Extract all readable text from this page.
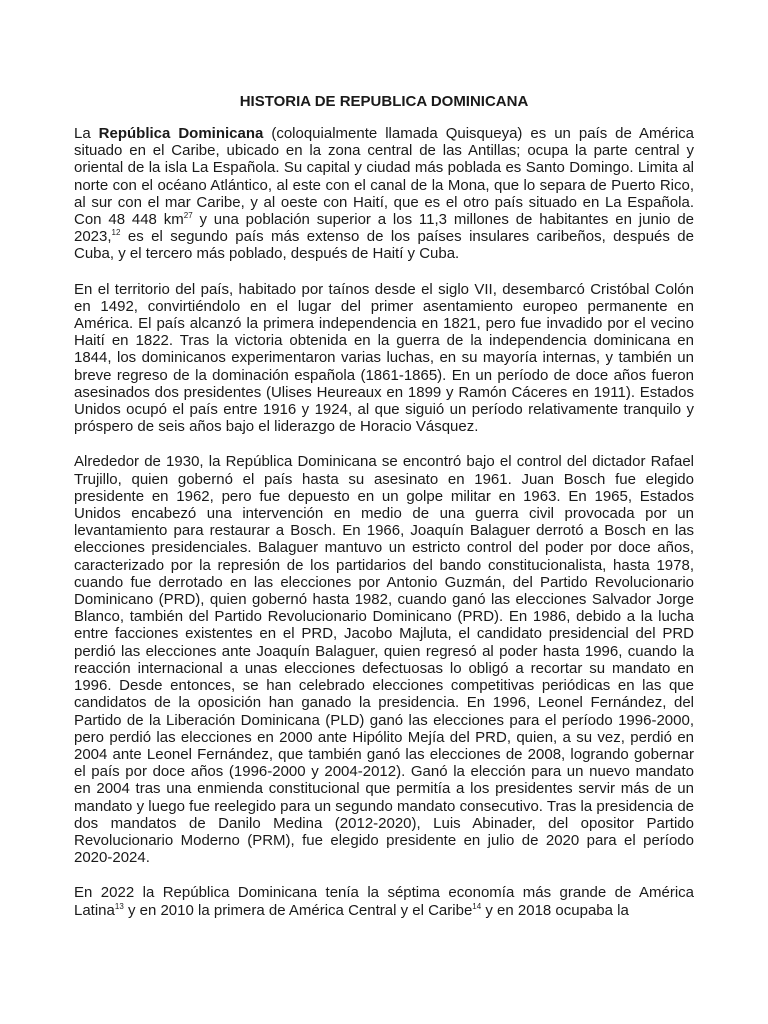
HISTORIA DE REPUBLICA DOMINICANA

La República Dominicana (coloquialmente llamada Quisqueya) es un país de América situado en el Caribe, ubicado en la zona central de las Antillas; ocupa la parte central y oriental de la isla La Española. Su capital y ciudad más poblada es Santo Domingo. Limita al norte con el océano Atlántico, al este con el canal de la Mona, que lo separa de Puerto Rico, al sur con el mar Caribe, y al oeste con Haití, que es el otro país situado en La Española. Con 48 448 $km^{27}$ y una población superior a los 11,3 millones de habitantes en junio de 2023,12 es el segundo país más extenso de los países insulares caribeños, después de Cuba, y el tercero más poblado, después de Haití y Cuba.

En el territorio del país, habitado por taínos desde el siglo VII, desembarcó Cristóbal Colón en 1492, convirtiéndolo en el lugar del primer asentamiento europeo permanente en América. El país alcanzó la primera independencia en 1821, pero fue invadido por el vecino Haití en 1822. Tras la victoria obtenida en la guerra de la independencia dominicana en 1844, los dominicanos experimentaron varias luchas, en su mayoría internas, y también un breve regreso de la dominación española (1861-1865). En un período de doce años fueron asesinados dos presidentes (Ulises Heureaux en 1899 y Ramón Cáceres en 1911). Estados Unidos ocupó el país entre 1916 y 1924, al que siguió un período relativamente tranquilo y próspero de seis años bajo el liderazgo de Horacio Vásquez.

Alrededor de 1930, la República Dominicana se encontró bajo el control del dictador Rafael Trujillo, quien gobernó el país hasta su asesinato en 1961. Juan Bosch fue elegido presidente en 1962, pero fue depuesto en un golpe militar en 1963. En 1965, Estados Unidos encabezó una intervención en medio de una guerra civil provocada por un levantamiento para restaurar a Bosch. En 1966, Joaquín Balaguer derrotó a Bosch en las elecciones presidenciales. Balaguer mantuvo un estricto control del poder por doce años, caracterizado por la represión de los partidarios del bando constitucionalista, hasta 1978, cuando fue derrotado en las elecciones por Antonio Guzmán, del Partido Revolucionario Dominicano (PRD), quien gobernó hasta 1982, cuando ganó las elecciones Salvador Jorge Blanco, también del Partido Revolucionario Dominicano (PRD). En 1986, debido a la lucha entre facciones existentes en el PRD, Jacobo Majluta, el candidato presidencial del PRD perdió las elecciones ante Joaquín Balaguer, quien regresó al poder hasta 1996, cuando la reacción internacional a unas elecciones defectuosas lo obligó a recortar su mandato en 1996. Desde entonces, se han celebrado elecciones competitivas periódicas en las que candidatos de la oposición han ganado la presidencia. En 1996, Leonel Fernández, del Partido de la Liberación Dominicana (PLD) ganó las elecciones para el período 1996-2000, pero perdió las elecciones en 2000 ante Hipólito Mejía del PRD, quien, a su vez, perdió en 2004 ante Leonel Fernández, que también ganó las elecciones de 2008, logrando gobernar el país por doce años (1996-2000 y 2004-2012). Ganó la elección para un nuevo mandato en 2004 tras una enmienda constitucional que permitía a los presidentes servir más de un mandato y luego fue reelegido para un segundo mandato consecutivo. Tras la presidencia de dos mandatos de Danilo Medina (2012-2020), Luis Abinader, del opositor Partido Revolucionario Moderno (PRM), fue elegido presidente en julio de 2020 para el período 2020-2024.

En 2022 la República Dominicana tenía la séptima economía más grande de América Latina$^{13}$ y en 2010 la primera de América Central y el Caribe$^{14}$ y en 2018 ocupaba la
